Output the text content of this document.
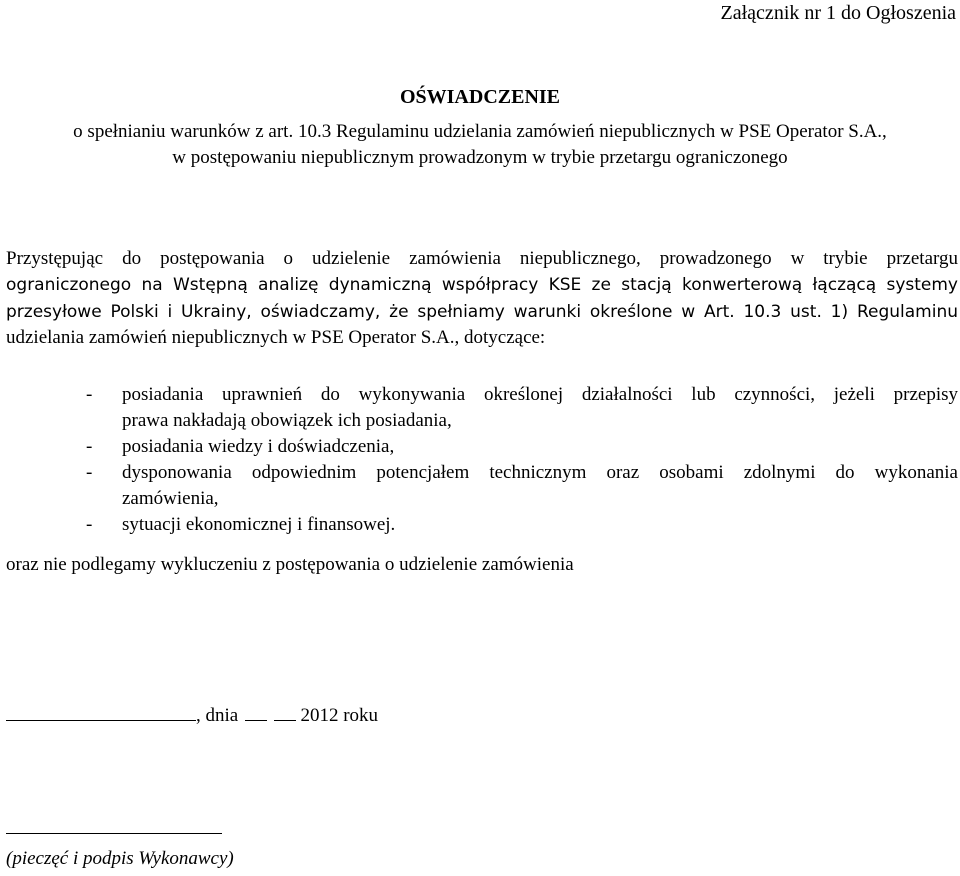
Załącznik nr 1 do Ogłoszenia
OŚWIADCZENIE
o spełnianiu warunków z art. 10.3 Regulaminu udzielania zamówień niepublicznych w PSE Operator S.A.,
w postępowaniu niepublicznym prowadzonym w trybie przetargu ograniczonego
Przystępując do postępowania o udzielenie zamówienia niepublicznego, prowadzonego w trybie przetargu
ograniczonego na Wstępną analizę dynamiczną współpracy KSE ze stacją konwerterową łączącą systemy
przesyłowe Polski i Ukrainy, oświadczamy, że spełniamy warunki określone w Art. 10.3 ust. 1) Regulaminu
udzielania zamówień niepublicznych w PSE Operator S.A., dotyczące:
- posiadania uprawnień do wykonywania określonej działalności lub czynności, jeżeli przepisy
prawa nakładają obowiązek ich posiadania,
- posiadania wiedzy i doświadczenia,
- dysponowania odpowiednim potencjałem technicznym oraz osobami zdolnymi do wykonania
zamówienia,
- sytuacji ekonomicznej i finansowej.
oraz nie podlegamy wykluczeniu z postępowania o udzielenie zamówienia
, dnia	2012 roku
(pieczęć i podpis Wykonawcy)
